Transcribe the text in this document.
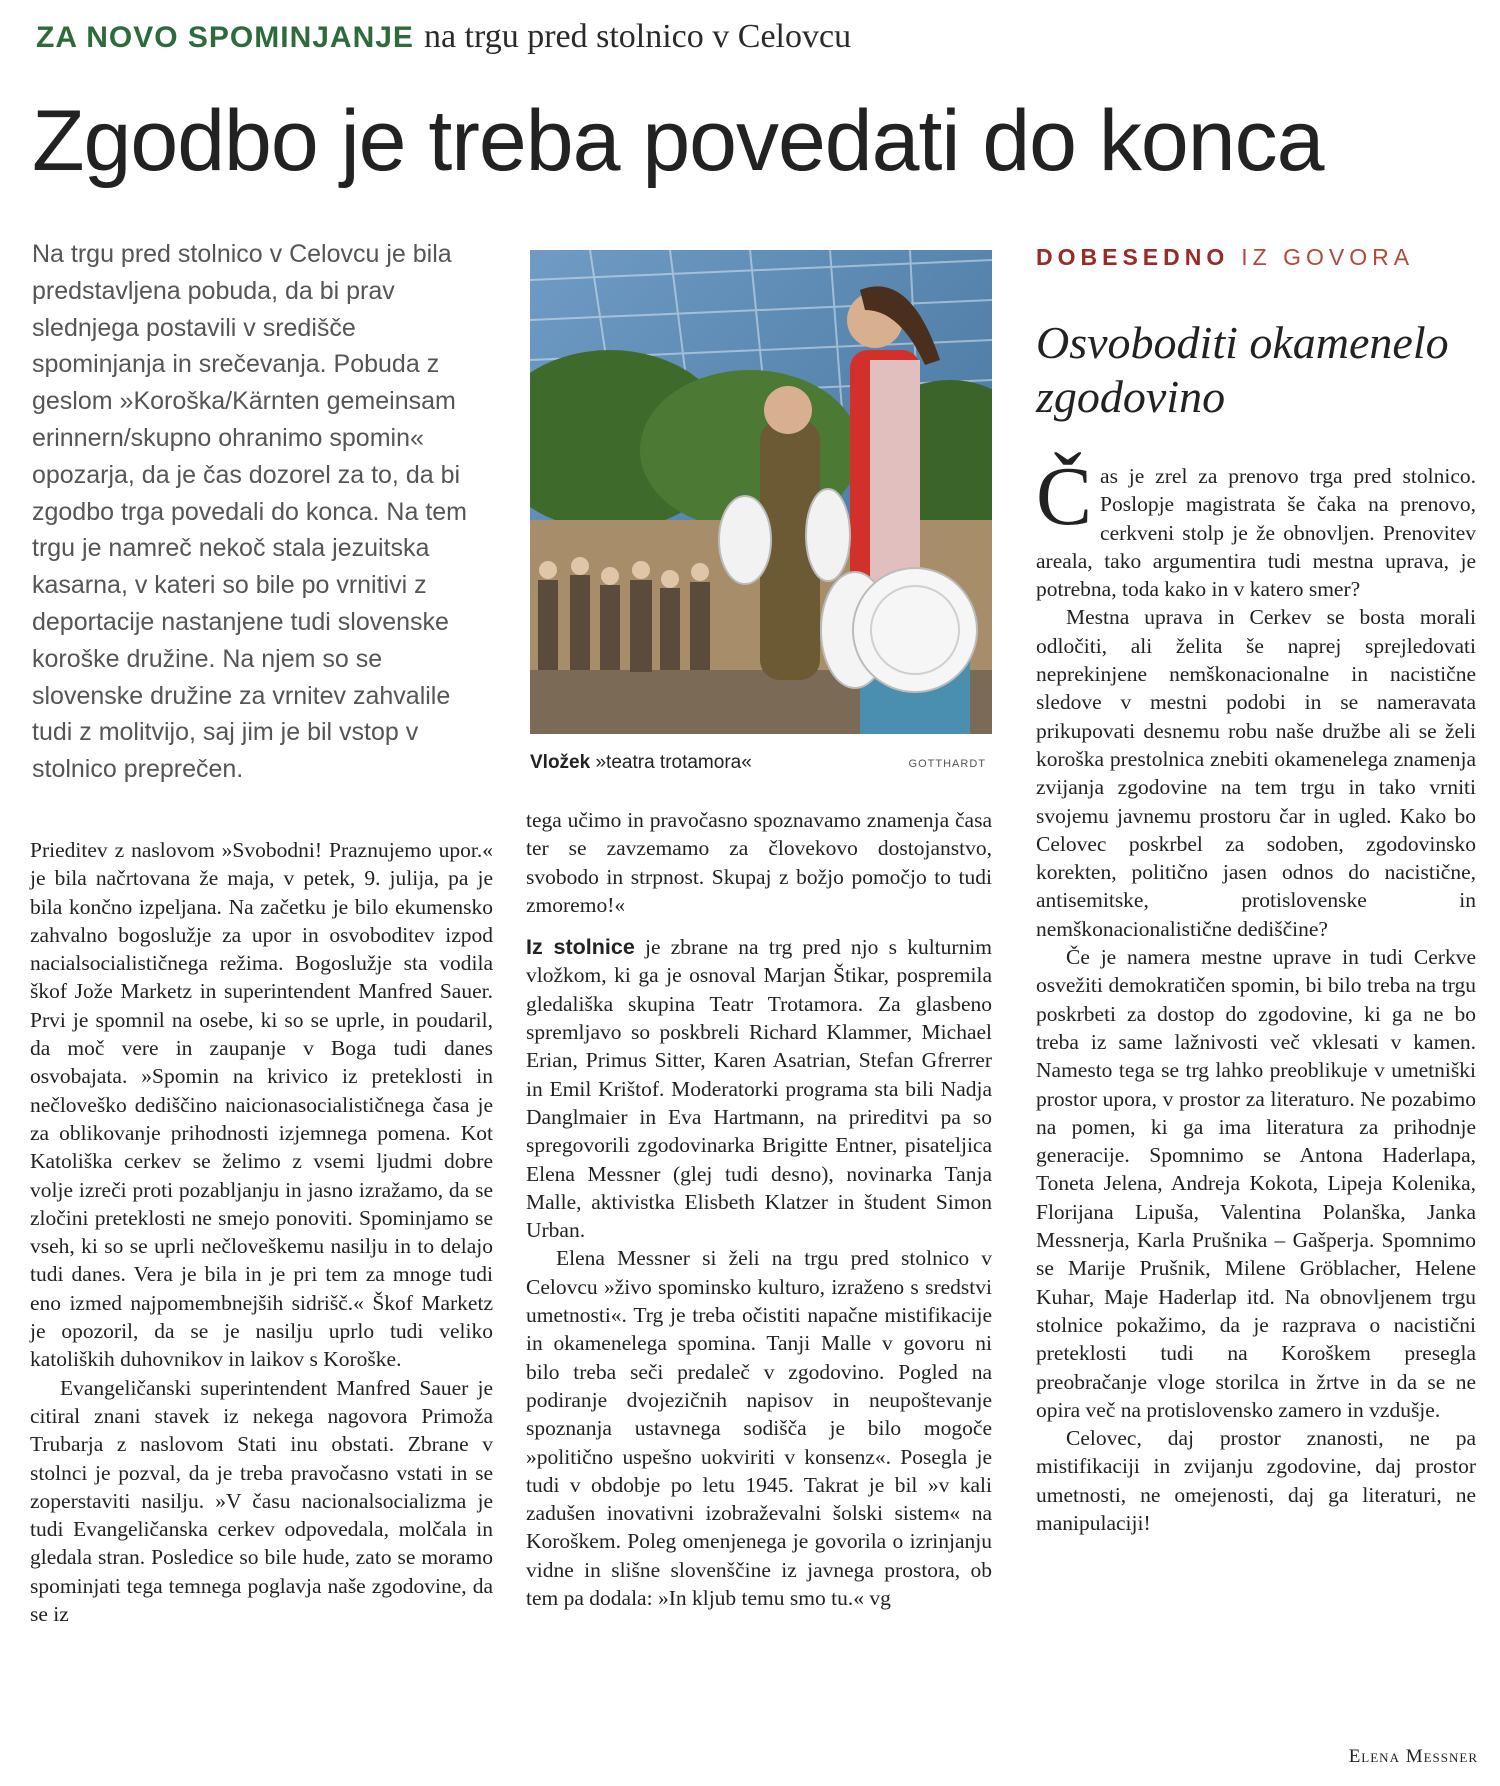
ZA NOVO SPOMINJANJE na trgu pred stolnico v Celovcu
Zgodbo je treba povedati do konca
Na trgu pred stolnico v Celovcu je bila predstavljena pobuda, da bi prav slednjega postavili v središče spominjanja in srečevanja. Pobuda z geslom »Koroška/Kärnten gemeinsam erinnern/skupno ohranimo spomin« opozarja, da je čas dozorel za to, da bi zgodbo trga povedali do konca. Na tem trgu je namreč nekoč stala jezuitska kasarna, v kateri so bile po vrnitivi z deportacije nastanjene tudi slovenske koroške družine. Na njem so se slovenske družine za vrnitev zahvalile tudi z molitvijo, saj jim je bil vstop v stolnico preprečen.	Vložek »teatra trotamora«	GOTTHARDT

Prieditev z naslovom »Svobodni! Praznujemo upor.« je bila načrtovana že maja, v petek, 9. julija, pa je bila končno izpeljana. Na začetku je bilo ekumensko zahvalno bogoslužje za upor in osvoboditev izpod nacialsocialističnega režima. Bogoslužje sta vodila škof Jože Marketz in superintendent Manfred Sauer. Prvi je spomnil na osebe, ki so se uprle, in poudaril, da moč vere in zaupanje v Boga tudi danes osvobajata. »Spomin na krivico iz preteklosti in nečloveško dediščino naicionasocialističnega časa je za oblikovanje prihodnosti izjemnega pomena. Kot Katoliška cerkev se želimo z vsemi ljudmi dobre volje izreči proti pozabljanju in jasno izražamo, da se zločini preteklosti ne smejo ponoviti. Spominjamo se vseh, ki so se uprli nečloveškemu nasilju in to delajo tudi danes. Vera je bila in je pri tem za mnoge tudi eno izmed najpomembnejših sidrišč.« Škof Marketz je opozoril, da se je nasilju uprlo tudi veliko katoliških duhovnikov in laikov s Koroške.

Evangeličanski superintendent Manfred Sauer je citiral znani stavek iz nekega nagovora Primoža Trubarja z naslovom Stati inu obstati. Zbrane v stolnci je pozval, da je treba pravočasno vstati in se zoperstaviti nasilju. »V času nacionalsocializma je tudi Evangeličanska cerkev odpovedala, molčala in gledala stran. Posledice so bile hude, zato se moramo spominjati tega temnega poglavja naše zgodovine, da se iz

tega učimo in pravočasno spoznavamo znamenja časa ter se zavzemamo za človekovo dostojanstvo, svobodo in strpnost. Skupaj z božjo pomočjo to tudi zmoremo!«

Iz stolnice je zbrane na trg pred njo s kulturnim vložkom, ki ga je osnoval Marjan Štikar, pospremila gledališka skupina Teatr Trotamora. Za glasbeno spremljavo so poskbreli Richard Klammer, Michael Erian, Primus Sitter, Karen Asatrian, Stefan Gfrerrer in Emil Krištof. Moderatorki programa sta bili Nadja Danglmaier in Eva Hartmann, na prireditvi pa so spregovorili zgodovinarka Brigitte Entner, pisateljica Elena Messner (glej tudi desno), novinarka Tanja Malle, aktivistka Elisbeth Klatzer in študent Simon Urban.

Elena Messner si želi na trgu pred stolnico v Celovcu »živo spominsko kulturo, izraženo s sredstvi umetnosti«. Trg je treba očistiti napačne mistifikacije in okamenelega spomina. Tanji Malle v govoru ni bilo treba seči predaleč v zgodovino. Pogled na podiranje dvojezičnih napisov in neupoštevanje spoznanja ustavnega sodišča je bilo mogoče »politično uspešno uokviriti v konsenz«. Posegla je tudi v obdobje po letu 1945. Takrat je bil »v kali zadušen inovativni izobraževalni šolski sistem« na Koroškem. Poleg omenjenega je govorila o izrinjanju vidne in slišne slovenščine iz javnega prostora, ob tem pa dodala: »In kljub temu smo tu.« vg

DOBESEDNO IZ GOVORA
Osvoboditi okamenelo zgodovino

Čas je zrel za prenovo trga pred stolnico. Poslopje magistrata še čaka na prenovo, cerkveni stolp je že obnovljen. Prenovitev areala, tako argumentira tudi mestna uprava, je potrebna, toda kako in v katero smer?

Mestna uprava in Cerkev se bosta morali odločiti, ali želita še naprej sprejledovati neprekinjene nemškonacionalne in nacistične sledove v mestni podobi in se nameravata prikupovati desnemu robu naše družbe ali se želi koroška prestolnica znebiti okamenelega znamenja zvijanja zgodovine na tem trgu in tako vrniti svojemu javnemu prostoru čar in ugled. Kako bo Celovec poskrbel za sodoben, zgodovinsko korekten, politično jasen odnos do nacistične, antisemitske, protislovenske in nemškonacionalistične dediščine?

Če je namera mestne uprave in tudi Cerkve osvežiti demokratičen spomin, bi bilo treba na trgu poskrbeti za dostop do zgodovine, ki ga ne bo treba iz same lažnivosti več vklesati v kamen. Namesto tega se trg lahko preoblikuje v umetniški prostor upora, v prostor za literaturo. Ne pozabimo na pomen, ki ga ima literatura za prihodnje generacije. Spomnimo se Antona Haderlapa, Toneta Jelena, Andreja Kokota, Lipeja Kolenika, Florijana Lipuša, Valentina Polanška, Janka Messnerja, Karla Prušnika – Gašperja. Spomnimo se Marije Prušnik, Milene Gröblacher, Helene Kuhar, Maje Haderlap itd. Na obnovljenem trgu stolnice pokažimo, da je razprava o nacistični preteklosti tudi na Koroškem presegla preobračanje vloge storilca in žrtve in da se ne opira več na protislovensko zamero in vzdušje.

Celovec, daj prostor znanosti, ne pa mistifikaciji in zvijanju zgodovine, daj prostor umetnosti, ne omejenosti, daj ga literaturi, ne manipulaciji!

Elena Messner
